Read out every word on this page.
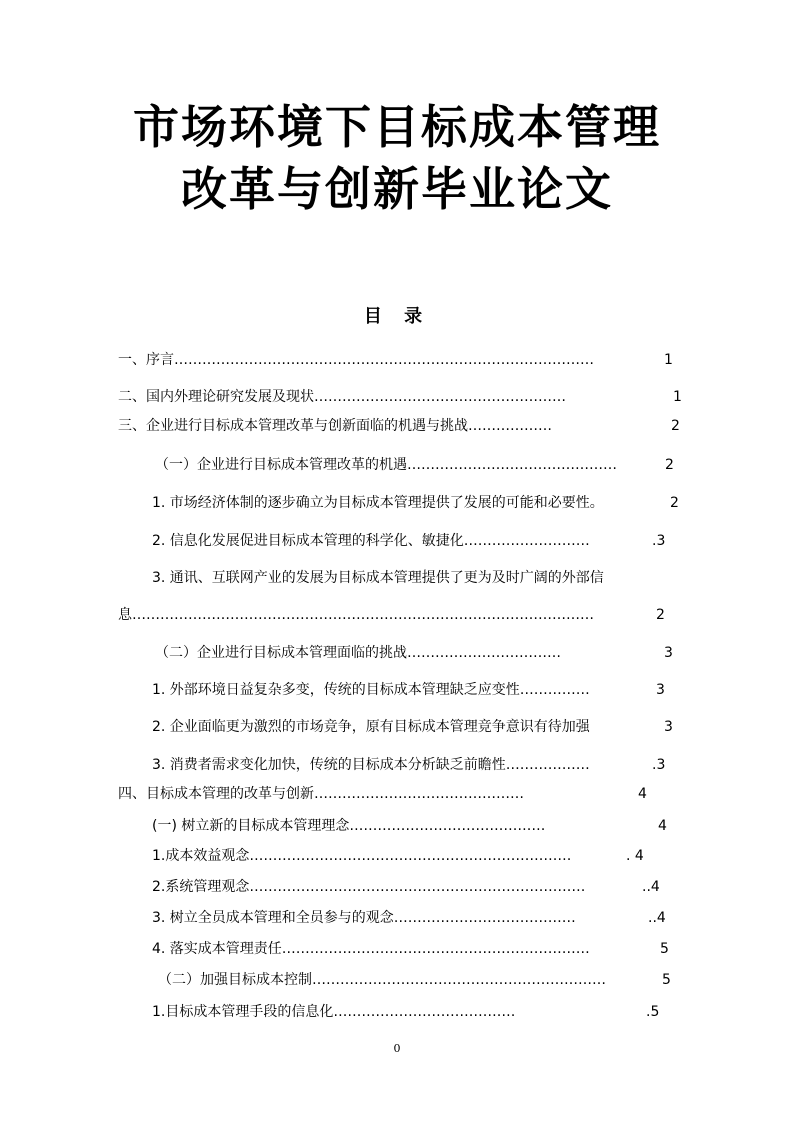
市场环境下目标成本管理
改革与创新毕业论文
目 录
一、序言………………………………………………………………………………	1
二、国内外理论研究发展及现状………………………………………………	1
三、企业进行目标成本管理改革与创新面临的机遇与挑战………………	2
（一）企业进行目标成本管理改革的机遇………………………………………	2
1. 市场经济体制的逐步确立为目标成本管理提供了发展的可能和必要性。	2
2. 信息化发展促进目标成本管理的科学化、敏捷化………………………	.3
3. 通讯、互联网产业的发展为目标成本管理提供了更为及时广阔的外部信
息………………………………………………………………………………………	2
（二）企业进行目标成本管理面临的挑战……………………………	3
1. 外部环境日益复杂多变，传统的目标成本管理缺乏应变性……………	3
2. 企业面临更为激烈的市场竞争，原有目标成本管理竞争意识有待加强	3
3. 消费者需求变化加快，传统的目标成本分析缺乏前瞻性………………	.3
四、目标成本管理的改革与创新………………………………………	4
(一) 树立新的目标成本管理理念……………………………………	4
1.成本效益观念……………………………………………………………	. 4
2.系统管理观念………………………………………………………………	..4
3. 树立全员成本管理和全员参与的观念…………………………………	..4
4. 落实成本管理责任…………………………………………………………	5
（二）加强目标成本控制………………………………………………………	5
1.目标成本管理手段的信息化…………………………………	.5
0
